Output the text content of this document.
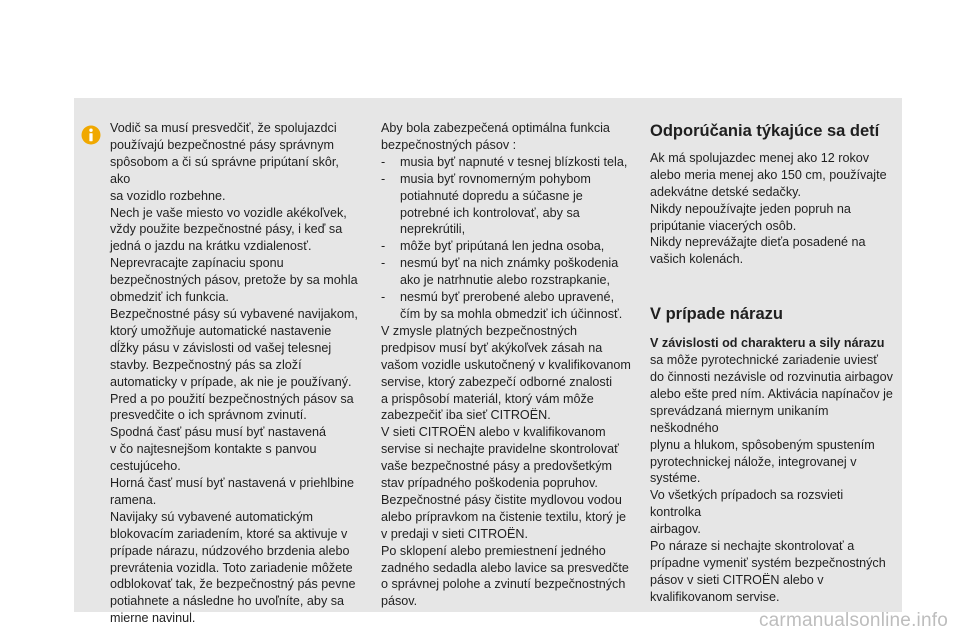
Vodič sa musí presvedčiť, že spolujazdci

používajú bezpečnostné pásy správnym

spôsobom a či sú správne pripútaní skôr, ako

sa vozidlo rozbehne.

Nech je vaše miesto vo vozidle akékoľvek,

vždy použite bezpečnostné pásy, i keď sa

jedná o jazdu na krátku vzdialenosť.

Neprevracajte zapínaciu sponu

bezpečnostných pásov, pretože by sa mohla

obmedziť ich funkcia.

Bezpečnostné pásy sú vybavené navijakom,

ktorý umožňuje automatické nastavenie

dĺžky pásu v závislosti od vašej telesnej

stavby. Bezpečnostný pás sa zloží

automaticky v prípade, ak nie je používaný.

Pred a po použití bezpečnostných pásov sa

presvedčite o ich správnom zvinutí.

Spodná časť pásu musí byť nastavená

v čo najtesnejšom kontakte s panvou

cestujúceho.

Horná časť musí byť nastavená v priehlbine

ramena.

Navijaky sú vybavené automatickým

blokovacím zariadením, ktoré sa aktivuje v

prípade nárazu, núdzového brzdenia alebo

prevrátenia vozidla. Toto zariadenie môžete

odblokovať tak, že bezpečnostný pás pevne

potiahnete a následne ho uvoľníte, aby sa

mierne navinul.

Aby bola zabezpečená optimálna funkcia

bezpečnostných pásov :

-	musia byť napnuté v tesnej blízkosti tela,

-	musia byť rovnomerným pohybom

potiahnuté dopredu a súčasne je

potrebné ich kontrolovať, aby sa

neprekrútili,

-	môže byť pripútaná len jedna osoba,

-	nesmú byť na nich známky poškodenia

ako je natrhnutie alebo rozstrapkanie,

-	nesmú byť prerobené alebo upravené,

čím by sa mohla obmedziť ich účinnosť.

V zmysle platných bezpečnostných

predpisov musí byť akýkoľvek zásah na

vašom vozidle uskutočnený v kvalifikovanom

servise, ktorý zabezpečí odborné znalosti

a prispôsobí materiál, ktorý vám môže

zabezpečiť iba sieť CITROËN.

V sieti CITROËN alebo v kvalifikovanom

servise si nechajte pravidelne skontrolovať

vaše bezpečnostné pásy a predovšetkým

stav prípadného poškodenia popruhov.

Bezpečnostné pásy čistite mydlovou vodou

alebo prípravkom na čistenie textilu, ktorý je

v predaji v sieti CITROËN.

Po sklopení alebo premiestnení jedného

zadného sedadla alebo lavice sa presvedčte

o správnej polohe a zvinutí bezpečnostných

pásov.

Odporúčania týkajúce sa detí

Ak má spolujazdec menej ako 12 rokov

alebo meria menej ako 150 cm, používajte

adekvátne detské sedačky.

Nikdy nepoužívajte jeden popruh na

pripútanie viacerých osôb.

Nikdy neprevážajte dieťa posadené na

vašich kolenách.

V prípade nárazu

V závislosti od charakteru a sily nárazu

sa môže pyrotechnické zariadenie uviesť

do činnosti nezávisle od rozvinutia airbagov

alebo ešte pred ním. Aktivácia napínačov je

sprevádzaná miernym unikaním neškodného

plynu a hlukom, spôsobeným spustením

pyrotechnickej nálože, integrovanej v

systéme.

Vo všetkých prípadoch sa rozsvieti kontrolka

airbagov.

Po náraze si nechajte skontrolovať a

prípadne vymeniť systém bezpečnostných

pásov v sieti CITROËN alebo v

kvalifikovanom servise.

carmanualsonline.info
